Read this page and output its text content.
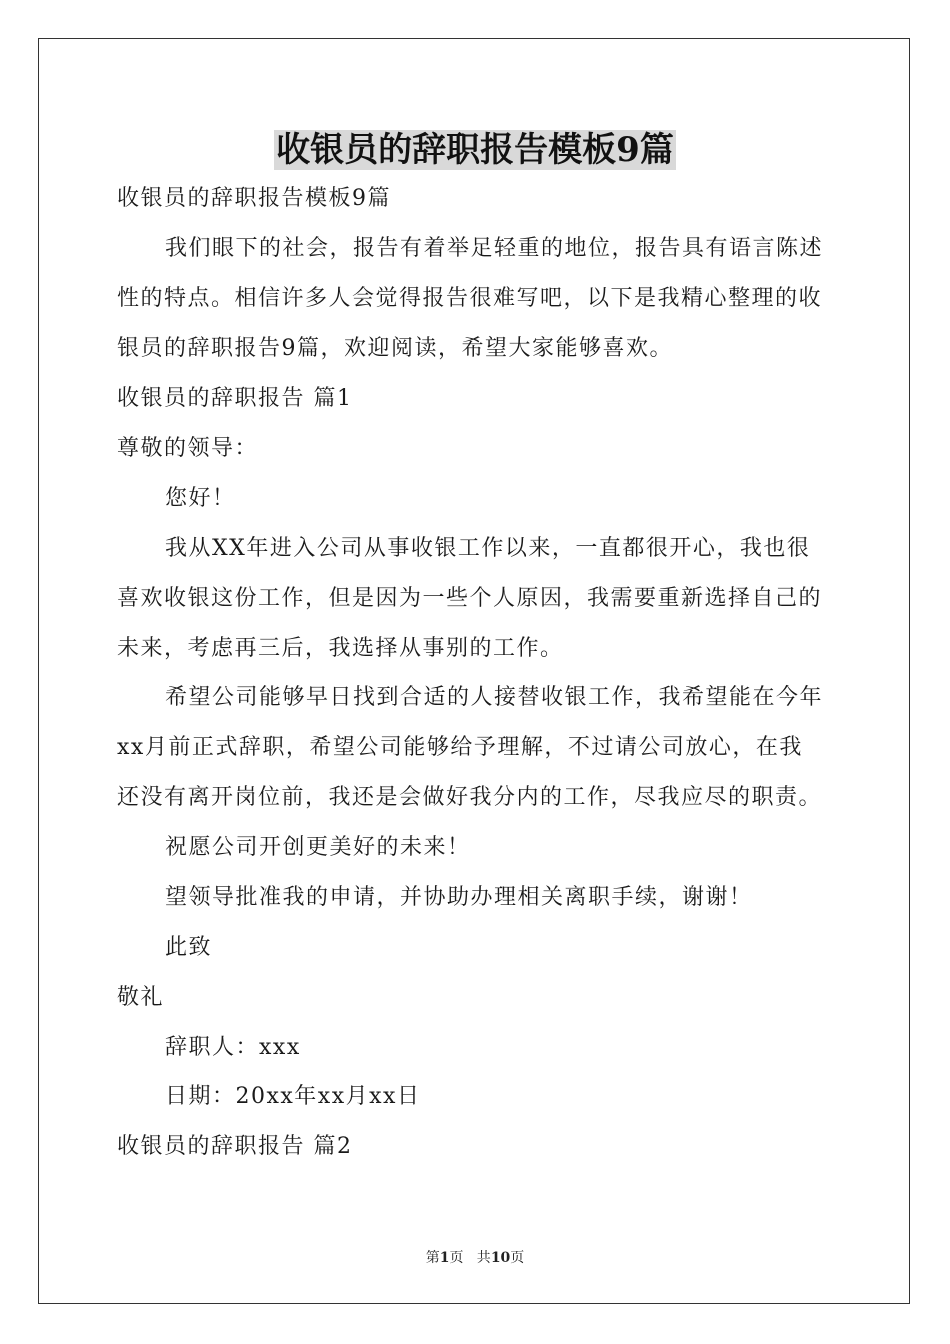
收银员的辞职报告模板9篇

收银员的辞职报告模板9篇

我们眼下的社会，报告有着举足轻重的地位，报告具有语言陈述

性的特点。相信许多人会觉得报告很难写吧，以下是我精心整理的收

银员的辞职报告9篇，欢迎阅读，希望大家能够喜欢。

收银员的辞职报告 篇1

尊敬的领导：

您好！

我从XX年进入公司从事收银工作以来，一直都很开心，我也很

喜欢收银这份工作，但是因为一些个人原因，我需要重新选择自己的

未来，考虑再三后，我选择从事别的工作。

希望公司能够早日找到合适的人接替收银工作，我希望能在今年

xx月前正式辞职，希望公司能够给予理解，不过请公司放心，在我

还没有离开岗位前，我还是会做好我分内的工作，尽我应尽的职责。

祝愿公司开创更美好的未来！

望领导批准我的申请，并协助办理相关离职手续，谢谢！

此致

敬礼

辞职人：xxx

日期：20xx年xx月xx日

收银员的辞职报告 篇2

第1页   共10页
